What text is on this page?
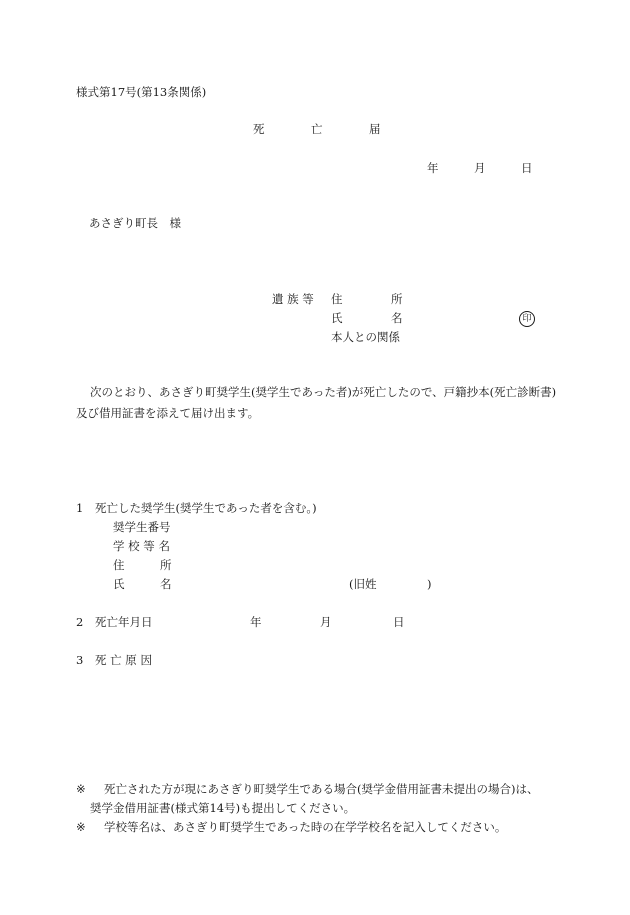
様式第17号(第13条関係)
死	亡	届
年	月	日
あさぎり町長　様
遺 族 等 住	所
氏	名	印
本人との関係
次のとおり、あさぎり町奨学生(奨学生であった者)が死亡したので、戸籍抄本(死亡診断書)及び借用証書を添えて届け出ます。
1 死亡した奨学生(奨学生であった者を含む。)
奨学生番号
学 校 等 名
住	所
氏	名	(旧姓	)
2 死亡年月日	年	月	日
3 死 亡 原 因
※ 死亡された方が現にあさぎり町奨学生である場合(奨学金借用証書未提出の場合)は、
奨学金借用証書(様式第14号)も提出してください。
※ 学校等名は、あさぎり町奨学生であった時の在学学校名を記入してください。
